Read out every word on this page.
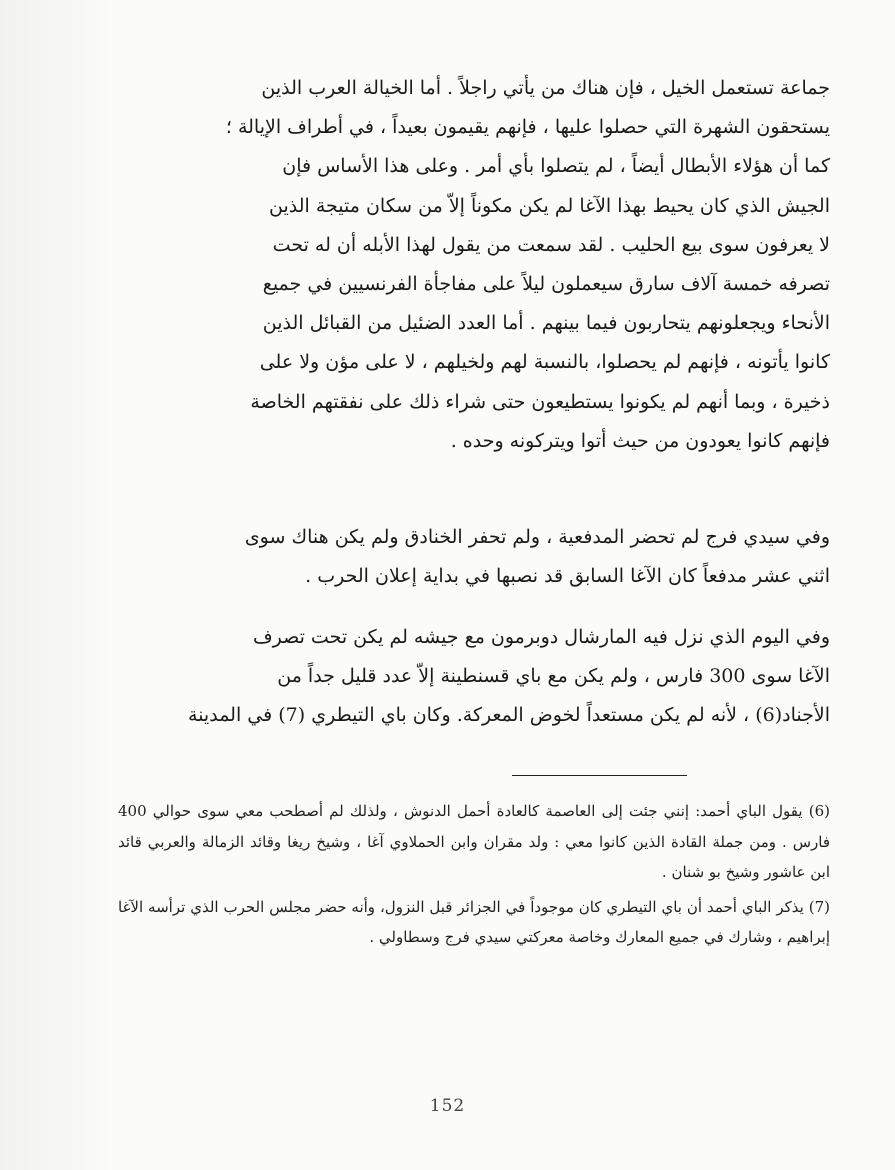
جماعة تستعمل الخيل ، فإن هناك من يأتي راجلاً . أما الخيالة العرب الذين
يستحقون الشهرة التي حصلوا عليها ، فإنهم يقيمون بعيداً ، في أطراف الإيالة ؛
كما أن هؤلاء الأبطال أيضاً ، لم يتصلوا بأي أمر . وعلى هذا الأساس فإن
الجيش الذي كان يحيط بهذا الآغا لم يكن مكوناً إلاّ من سكان متيجة الذين
لا يعرفون سوى بيع الحليب . لقد سمعت من يقول لهذا الأبله أن له تحت
تصرفه خمسة آلاف سارق سيعملون ليلاً على مفاجأة الفرنسيين في جميع
الأنحاء ويجعلونهم يتحاربون فيما بينهم . أما العدد الضئيل من القبائل الذين
كانوا يأتونه ، فإنهم لم يحصلوا، بالنسبة لهم ولخيلهم ، لا على مؤن ولا على
ذخيرة ، وبما أنهم لم يكونوا يستطيعون حتى شراء ذلك على نفقتهم الخاصة
فإنهم كانوا يعودون من حيث أتوا ويتركونه وحده .

وفي سيدي فرج لم تحضر المدفعية ، ولم تحفر الخنادق ولم يكن هناك سوى
اثني عشر مدفعاً كان الآغا السابق قد نصبها في بداية إعلان الحرب .

وفي اليوم الذي نزل فيه المارشال دوبرمون مع جيشه لم يكن تحت تصرف
الآغا سوى 300 فارس ، ولم يكن مع باي قسنطينة إلاّ عدد قليل جداً من
الأجناد(6) ، لأنه لم يكن مستعداً لخوض المعركة. وكان باي التيطري (7) في المدينة

(6) يقول الباي أحمد: إنني جئت إلى العاصمة كالعادة أحمل الدنوش ، ولذلك لم أصطحب معي سوى حوالي 400 فارس . ومن جملة القادة الذين كانوا معي : ولد مقران وابن الحملاوي آغا ، وشيخ ريغا وقائد الزمالة والعربي قائد ابن عاشور وشيخ بو شنان .

(7) يذكر الباي أحمد أن باي التيطري كان موجوداً في الجزائر قبل النزول، وأنه حضر مجلس الحرب الذي ترأسه الآغا إبراهيم ، وشارك في جميع المعارك وخاصة معركتي سيدي فرج وسطاولي .

152
